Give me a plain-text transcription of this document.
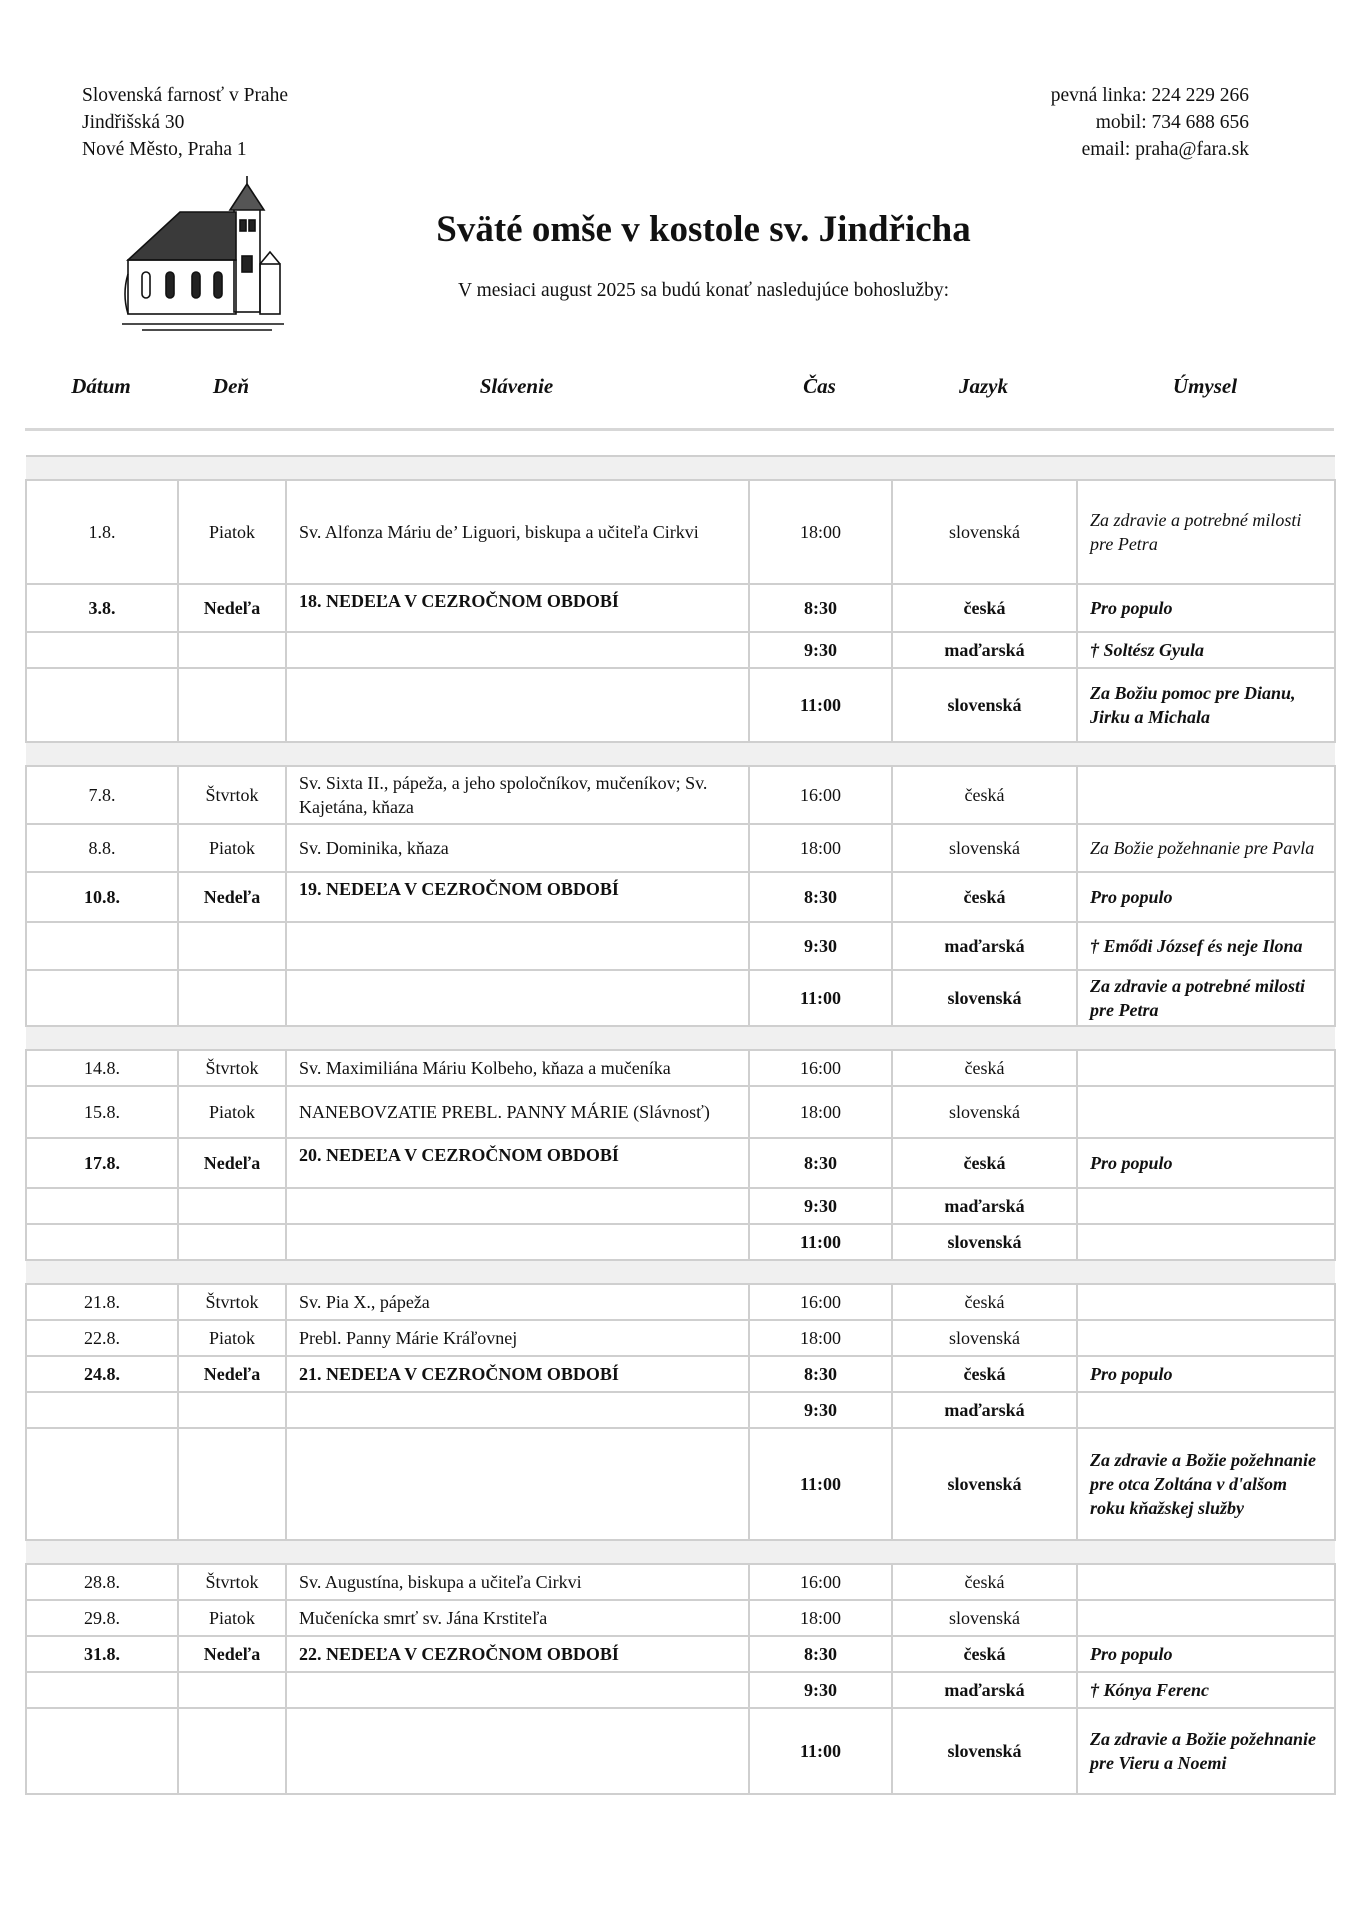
Slovenská farnosť v Prahe
Jindřišská 30
Nové Město, Praha 1
pevná linka: 224 229 266
mobil: 734 688 656
email: praha@fara.sk
Sväté omše v kostole sv. Jindřicha
V mesiaci august 2025 sa budú konať nasledujúce bohoslužby:
Dátum	Deň	Slávenie	Čas	Jazyk	Úmysel

1.8.	Piatok	Sv. Alfonza Máriu de’ Liguori, biskupa a učiteľa Cirkvi	18:00	slovenská	Za zdravie a potrebné milosti pre Petra
3.8.	Nedeľa	18. NEDEĽA V CEZROČNOM OBDOBÍ	8:30	česká	Pro populo
			9:30	maďarská	† Soltész Gyula
			11:00	slovenská	Za Božiu pomoc pre Dianu, Jirku a Michala

7.8.	Štvrtok	Sv. Sixta II., pápeža, a jeho spoločníkov, mučeníkov; Sv. Kajetána, kňaza	16:00	česká	
8.8.	Piatok	Sv. Dominika, kňaza	18:00	slovenská	Za Božie požehnanie pre Pavla
10.8.	Nedeľa	19. NEDEĽA V CEZROČNOM OBDOBÍ	8:30	česká	Pro populo
			9:30	maďarská	† Emődi József és neje Ilona
			11:00	slovenská	Za zdravie a potrebné milosti pre Petra

14.8.	Štvrtok	Sv. Maximiliána Máriu Kolbeho, kňaza a mučeníka	16:00	česká	
15.8.	Piatok	NANEBOVZATIE PREBL. PANNY MÁRIE (Slávnosť)	18:00	slovenská	
17.8.	Nedeľa	20. NEDEĽA V CEZROČNOM OBDOBÍ	8:30	česká	Pro populo
			9:30	maďarská	
			11:00	slovenská	

21.8.	Štvrtok	Sv. Pia X., pápeža	16:00	česká	
22.8.	Piatok	Prebl. Panny Márie Kráľovnej	18:00	slovenská	
24.8.	Nedeľa	21. NEDEĽA V CEZROČNOM OBDOBÍ	8:30	česká	Pro populo
			9:30	maďarská	
			11:00	slovenská	Za zdravie a Božie požehnanie pre otca Zoltána v d'alšom roku kňažskej služby

28.8.	Štvrtok	Sv. Augustína, biskupa a učiteľa Cirkvi	16:00	česká	
29.8.	Piatok	Mučenícka smrť sv. Jána Krstiteľa	18:00	slovenská	
31.8.	Nedeľa	22. NEDEĽA V CEZROČNOM OBDOBÍ	8:30	česká	Pro populo
			9:30	maďarská	† Kónya Ferenc
			11:00	slovenská	Za zdravie a Božie požehnanie pre Vieru a Noemi
